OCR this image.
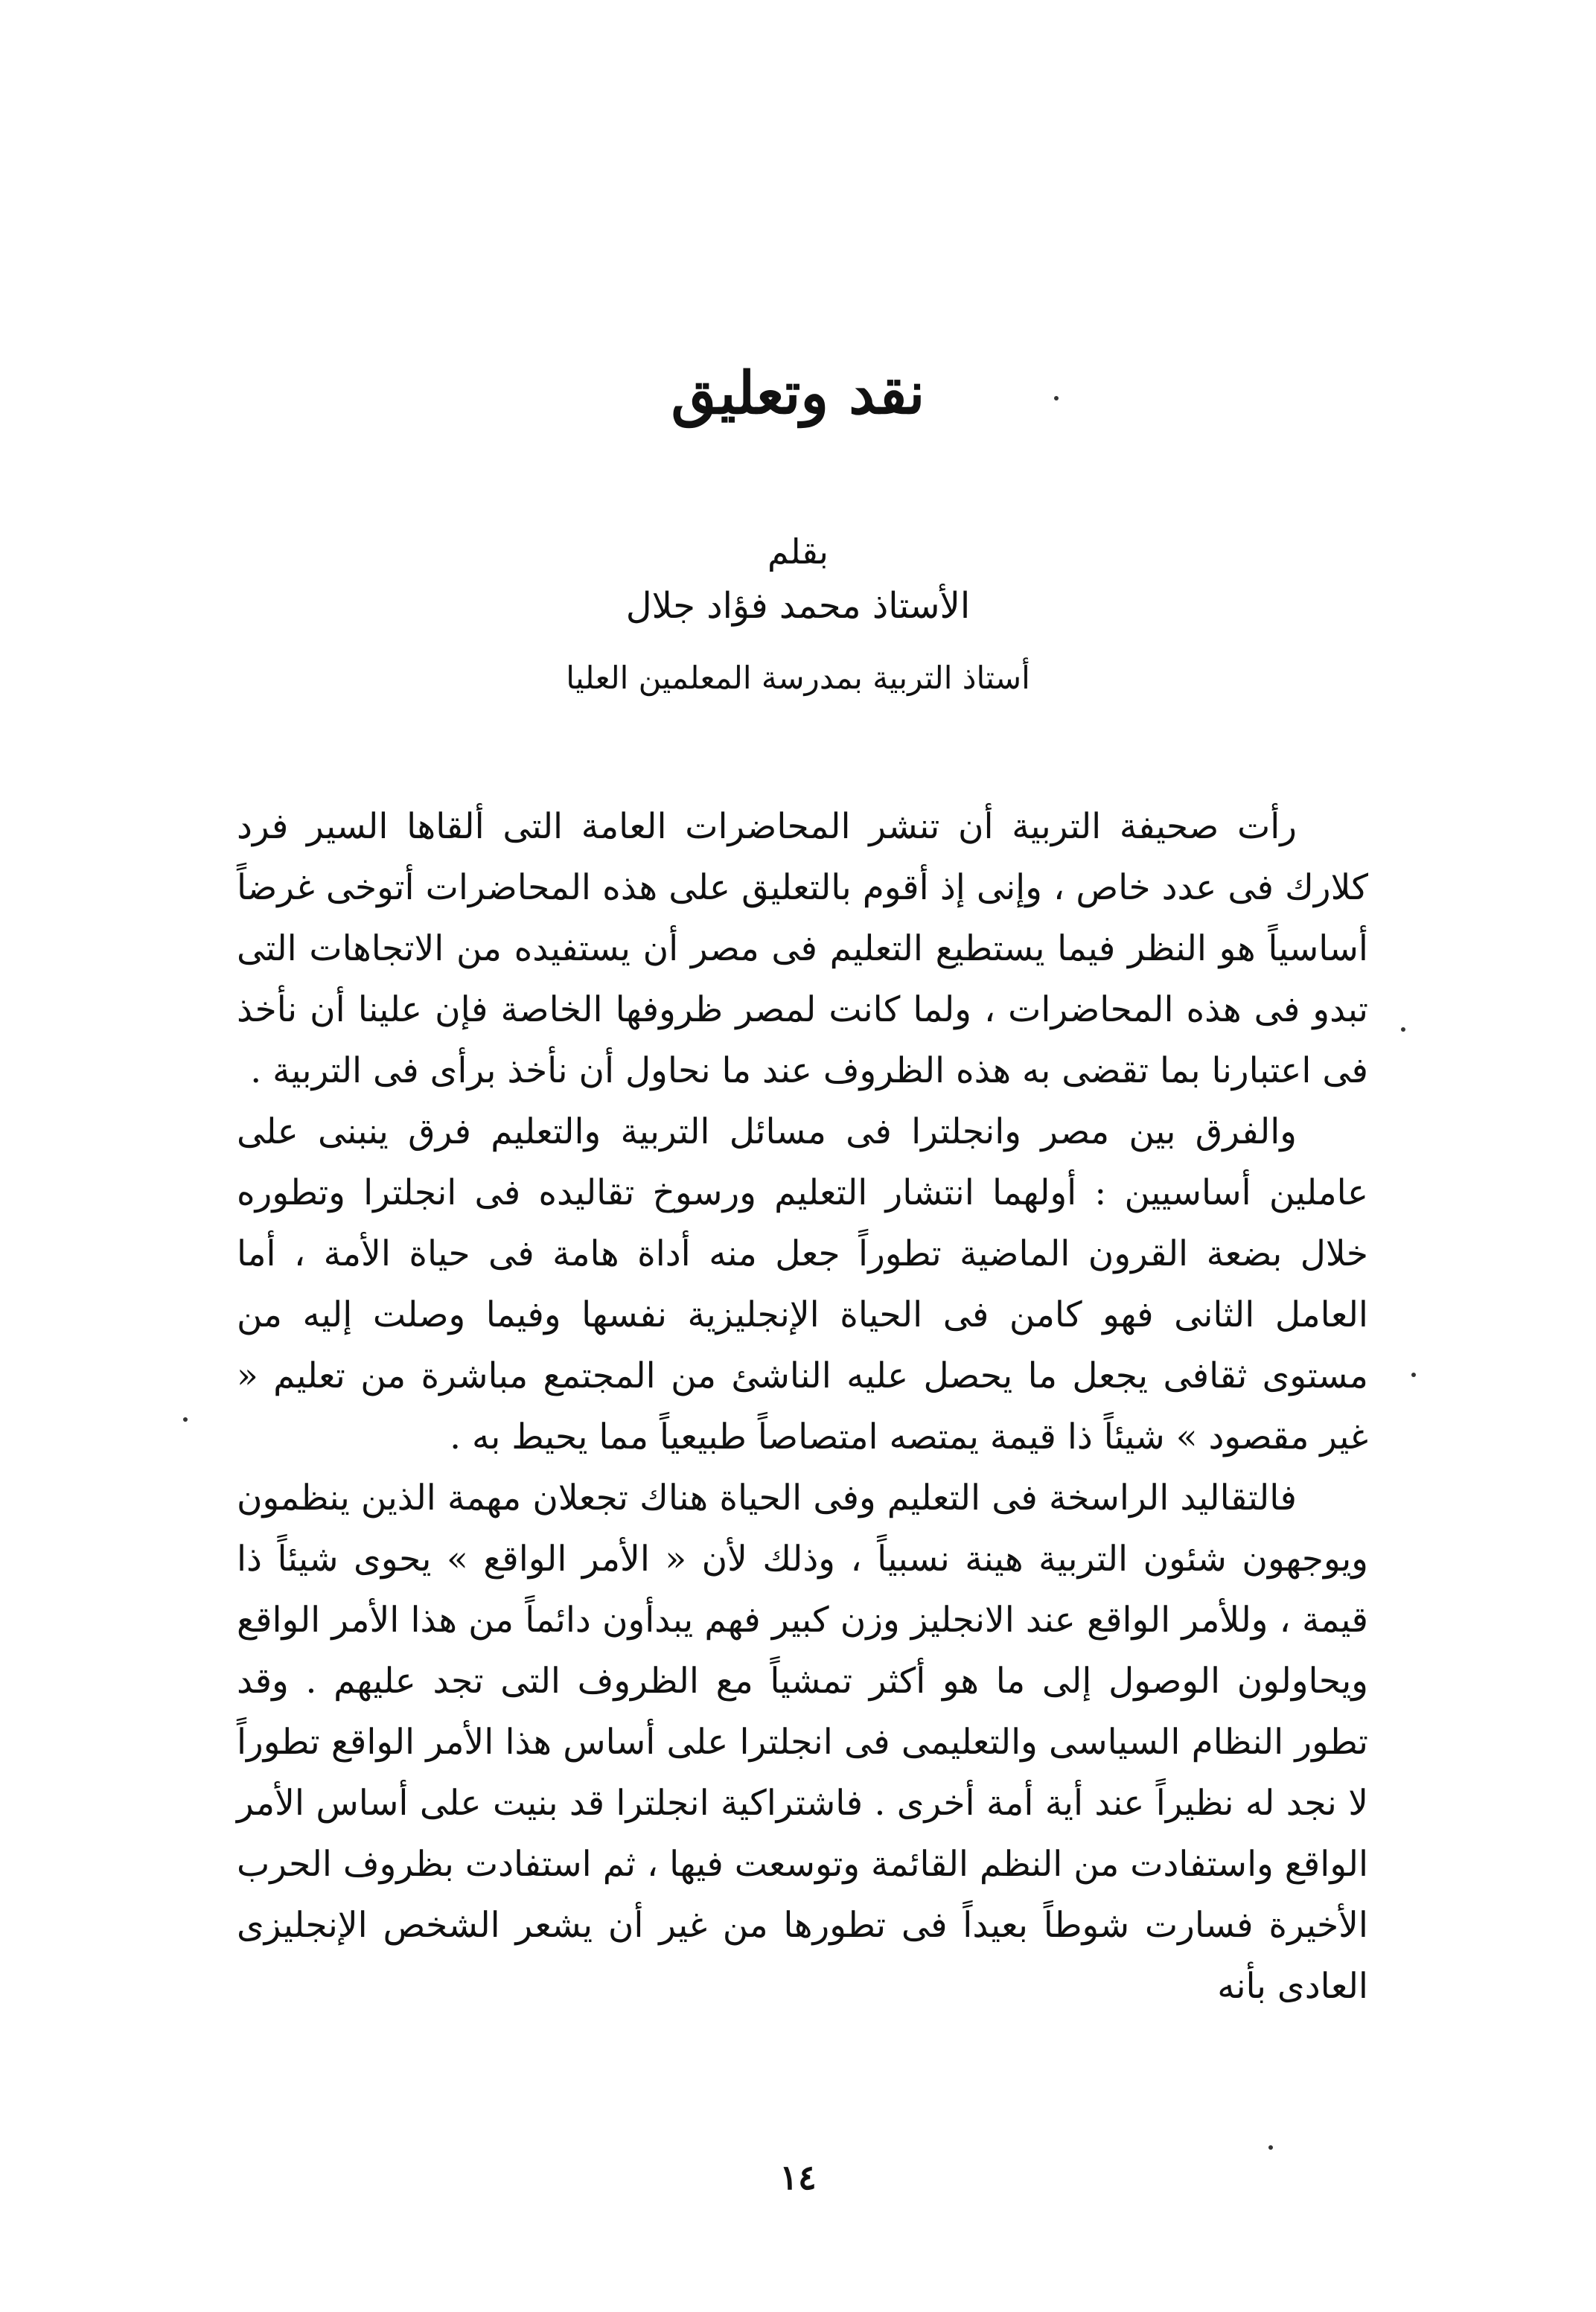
نقد وتعليق
بقلم
الأستاذ محمد فؤاد جلال
أستاذ التربية بمدرسة المعلمين العليا

رأت صحيفة التربية أن تنشر المحاضرات العامة التى ألقاها السير فرد كلارك فى عدد خاص ، وإنى إذ أقوم بالتعليق على هذه المحاضرات أتوخى غرضاً أساسياً هو النظر فيما يستطيع التعليم فى مصر أن يستفيده من الاتجاهات التى تبدو فى هذه المحاضرات ، ولما كانت لمصر ظروفها الخاصة فإن علينا أن نأخذ فى اعتبارنا بما تقضى به هذه الظروف عند ما نحاول أن نأخذ برأى فى التربية .

والفرق بين مصر وانجلترا فى مسائل التربية والتعليم فرق ينبنى على عاملين أساسيين : أولهما انتشار التعليم ورسوخ تقاليده فى انجلترا وتطوره خلال بضعة القرون الماضية تطوراً جعل منه أداة هامة فى حياة الأمة ، أما العامل الثانى فهو كامن فى الحياة الإنجليزية نفسها وفيما وصلت إليه من مستوى ثقافى يجعل ما يحصل عليه الناشئ من المجتمع مباشرة من تعليم « غير مقصود » شيئاً ذا قيمة يمتصه امتصاصاً طبيعياً مما يحيط به .

فالتقاليد الراسخة فى التعليم وفى الحياة هناك تجعلان مهمة الذين ينظمون ويوجهون شئون التربية هينة نسبياً ، وذلك لأن « الأمر الواقع » يحوى شيئاً ذا قيمة ، وللأمر الواقع عند الانجليز وزن كبير فهم يبدأون دائماً من هذا الأمر الواقع ويحاولون الوصول إلى ما هو أكثر تمشياً مع الظروف التى تجد عليهم . وقد تطور النظام السياسى والتعليمى فى انجلترا على أساس هذا الأمر الواقع تطوراً لا نجد له نظيراً عند أية أمة أخرى . فاشتراكية انجلترا قد بنيت على أساس الأمر الواقع واستفادت من النظم القائمة وتوسعت فيها ، ثم استفادت بظروف الحرب الأخيرة فسارت شوطاً بعيداً فى تطورها من غير أن يشعر الشخص الإنجليزى العادى بأنه

١٤
